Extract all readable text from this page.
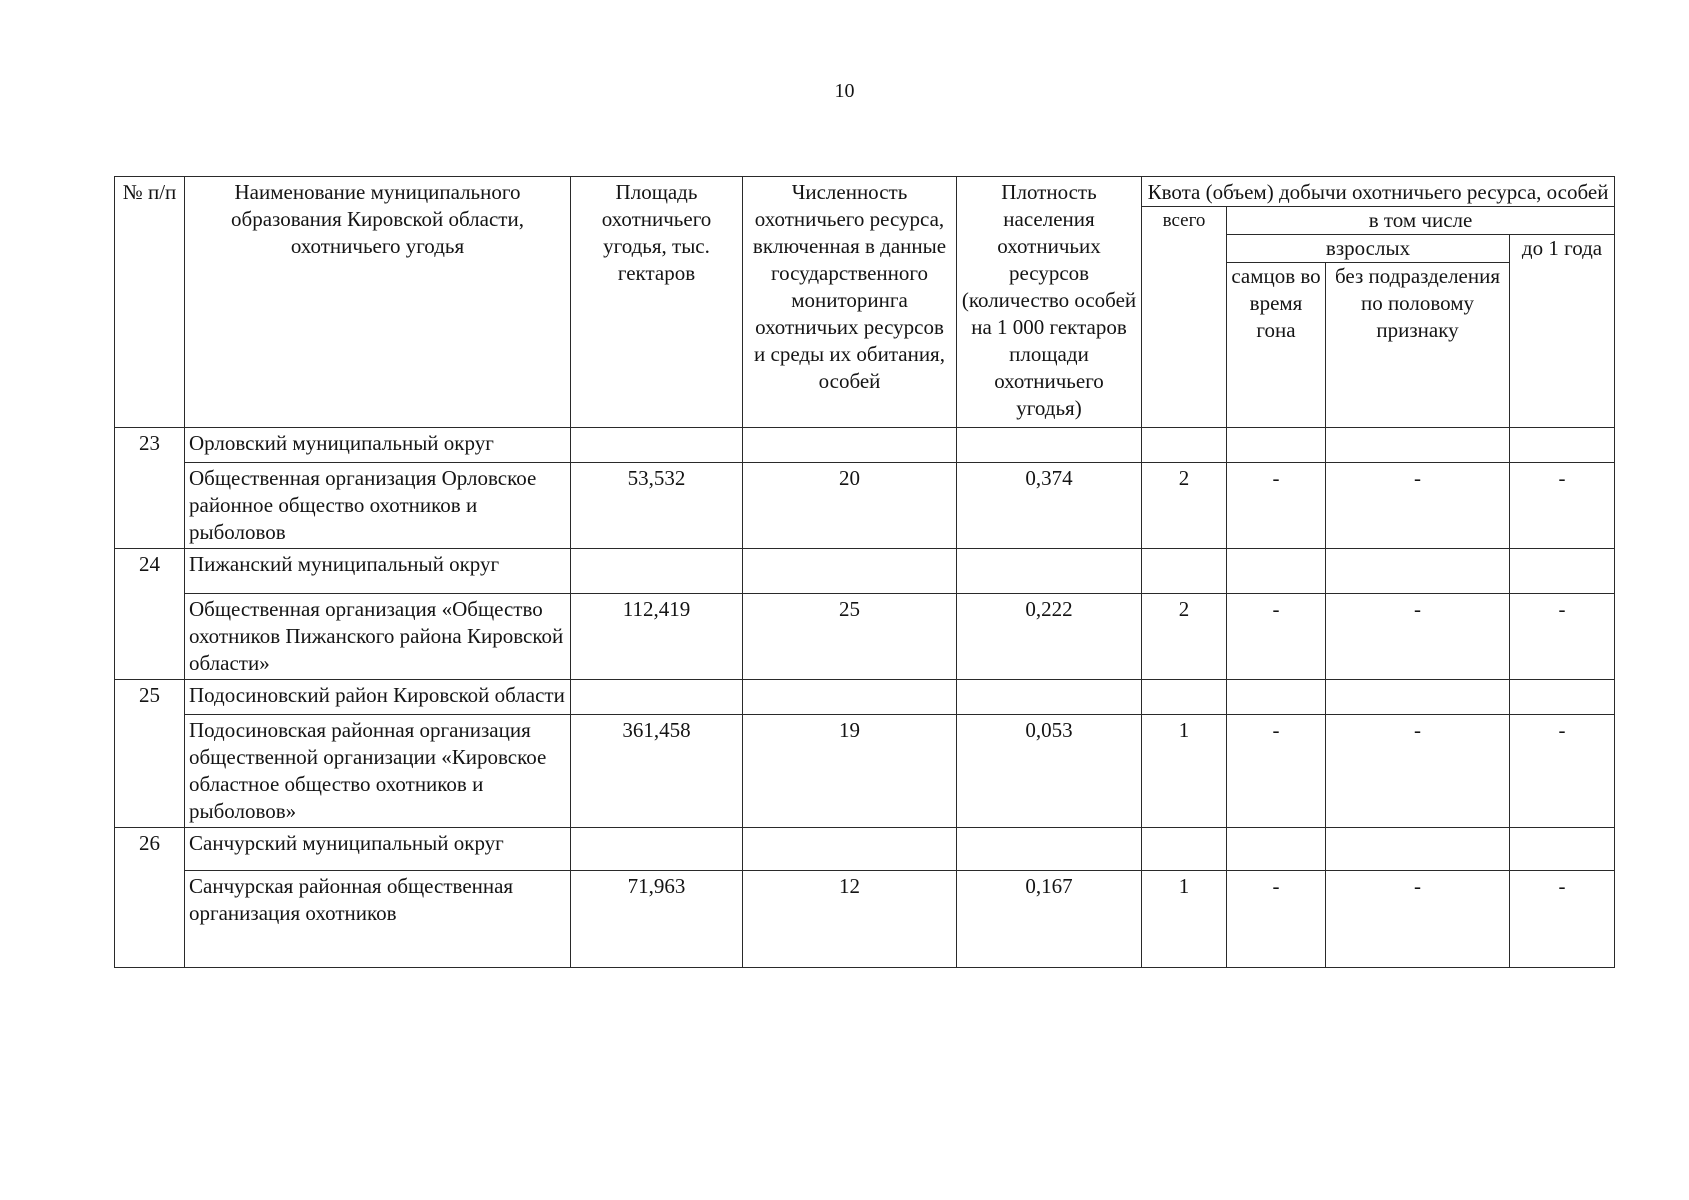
10
№ п/п	Наименование муниципального образования Кировской области, охотничьего угодья	Площадь охотничьего угодья, тыс. гектаров	Численность охотничьего ресурса, включенная в данные государственного мониторинга охотничьих ресурсов и среды их обитания, особей	Плотность населения охотничьих ресурсов (количество особей на 1 000 гектаров площади охотничьего угодья)	Квота (объем) добычи охотничьего ресурса, особей			
					всего	в том числе		
						взрослых		до 1 года
						самцов во время гона	без подразделения по половому признаку	
23	Орловский муниципальный округ							
	Общественная организация Орловское районное общество охотников и рыболовов	53,532	20	0,374	2	-	-	-
24	Пижанский муниципальный округ							
	Общественная организация «Общество охотников Пижанского района Кировской области»	112,419	25	0,222	2	-	-	-
25	Подосиновский район Кировской области							
	Подосиновская районная организация общественной организации «Кировское областное общество охотников и рыболовов»	361,458	19	0,053	1	-	-	-
26	Санчурский муниципальный округ							
	Санчурская районная общественная организация охотников	71,963	12	0,167	1	-	-	-
